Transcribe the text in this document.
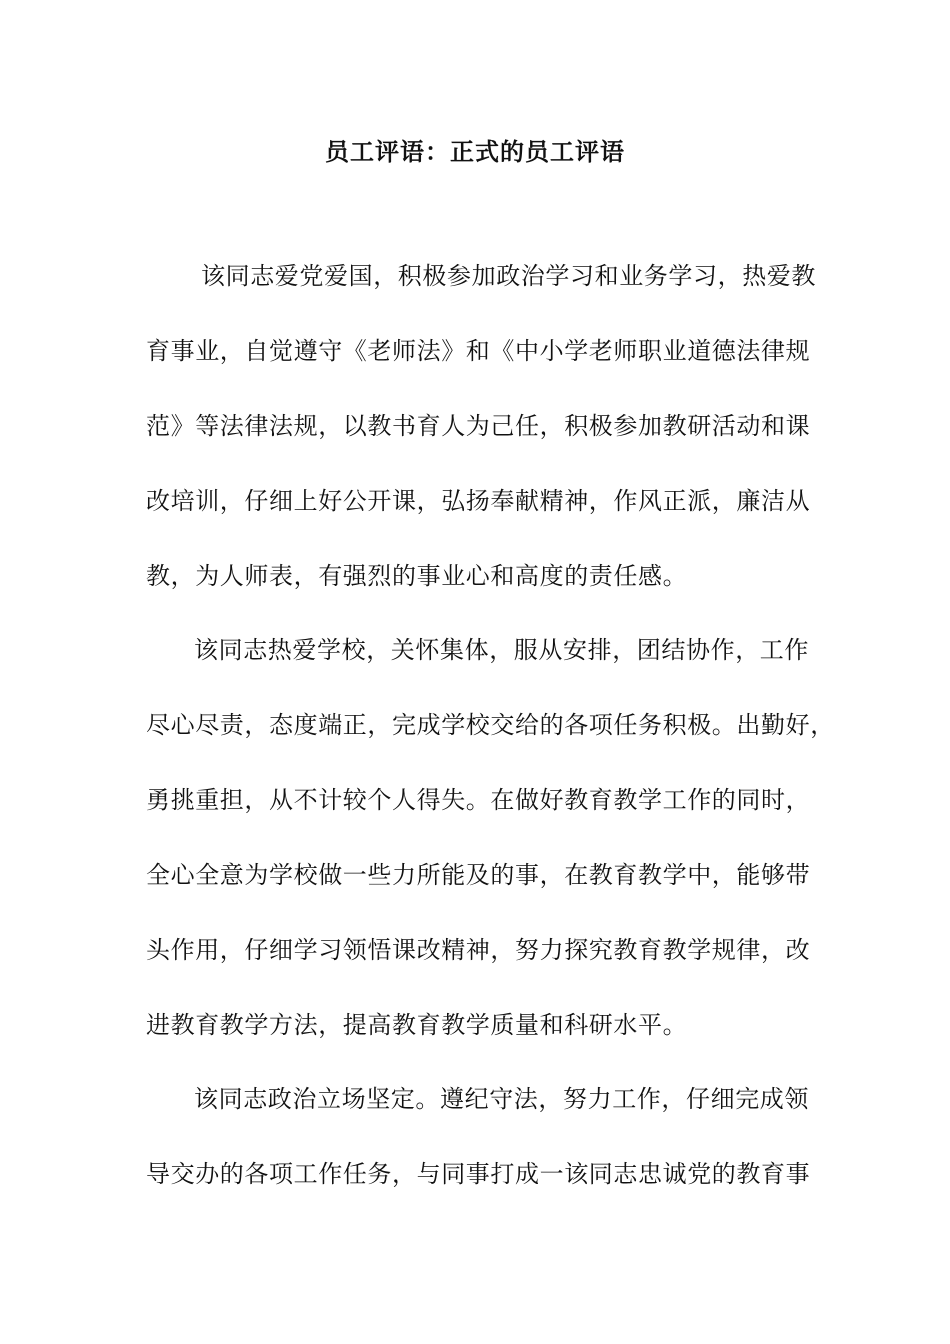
员工评语：正式的员工评语
该同志爱党爱国，积极参加政治学习和业务学习，热爱教
育事业，自觉遵守《老师法》和《中小学老师职业道德法律规
范》等法律法规，以教书育人为己任，积极参加教研活动和课
改培训，仔细上好公开课，弘扬奉献精神，作风正派，廉洁从
教，为人师表，有强烈的事业心和高度的责任感。
该同志热爱学校，关怀集体，服从安排，团结协作，工作
尽心尽责，态度端正，完成学校交给的各项任务积极。出勤好，
勇挑重担，从不计较个人得失。在做好教育教学工作的同时，
全心全意为学校做一些力所能及的事，在教育教学中，能够带
头作用，仔细学习领悟课改精神，努力探究教育教学规律，改
进教育教学方法，提高教育教学质量和科研水平。
该同志政治立场坚定。遵纪守法，努力工作，仔细完成领
导交办的各项工作任务，与同事打成一该同志忠诚党的教育事
